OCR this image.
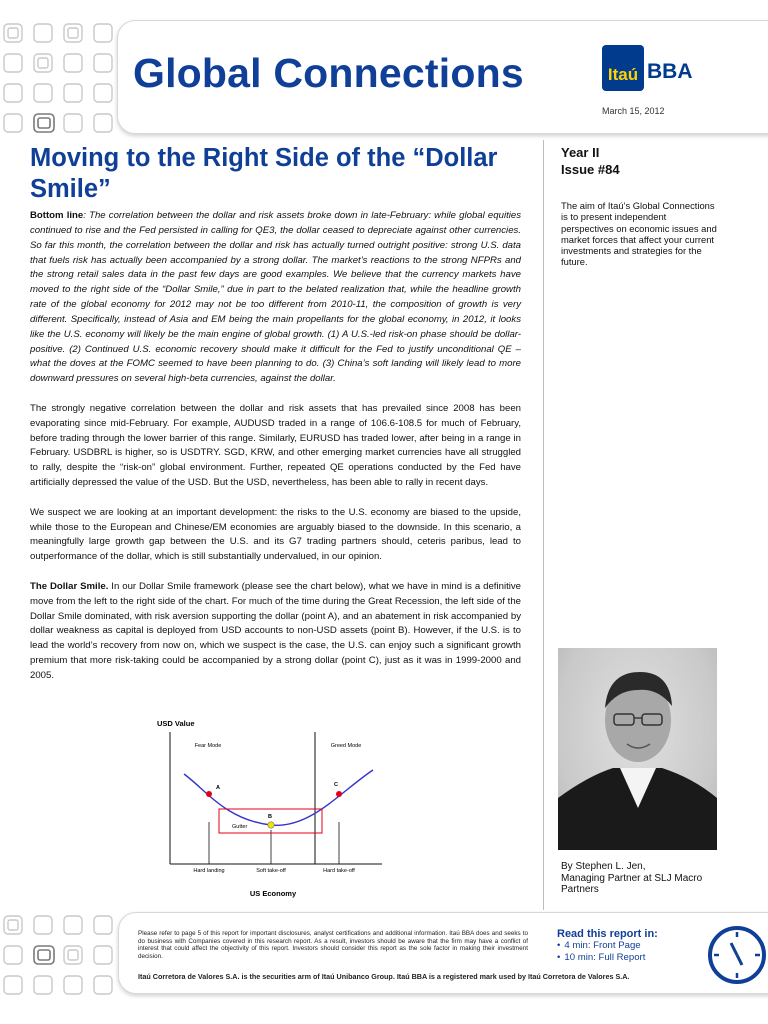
Global Connections	Itaú BBA
March 15, 2012
Moving to the Right Side of the “Dollar Smile”

Bottom line: The correlation between the dollar and risk assets broke down in late-February: while global equities continued to rise and the Fed persisted in calling for QE3, the dollar ceased to depreciate against other currencies. So far this month, the correlation between the dollar and risk has actually turned outright positive: strong U.S. data that fuels risk has actually been accompanied by a strong dollar. The market’s reactions to the strong NFPRs and the strong retail sales data in the past few days are good examples. We believe that the currency markets have moved to the right side of the “Dollar Smile,” due in part to the belated realization that, while the headline growth rate of the global economy for 2012 may not be too different from 2010-11, the composition of growth is very different. Specifically, instead of Asia and EM being the main propellants for the global economy, in 2012, it looks like the U.S. economy will likely be the main engine of global growth. (1) A U.S.-led risk-on phase should be dollar-positive. (2) Continued U.S. economic recovery should make it difficult for the Fed to justify unconditional QE – what the doves at the FOMC seemed to have been planning to do. (3) China’s soft landing will likely lead to more downward pressures on several high-beta currencies, against the dollar.

The strongly negative correlation between the dollar and risk assets that has prevailed since 2008 has been evaporating since mid-February. For example, AUDUSD traded in a range of 106.6-108.5 for much of February, before trading through the lower barrier of this range. Similarly, EURUSD has traded lower, after being in a range in February. USDBRL is higher, so is USDTRY. SGD, KRW, and other emerging market currencies have all struggled to rally, despite the “risk-on” global environment. Further, repeated QE operations conducted by the Fed have artificially depressed the value of the USD. But the USD, nevertheless, has been able to rally in recent days.

We suspect we are looking at an important development: the risks to the U.S. economy are biased to the upside, while those to the European and Chinese/EM economies are arguably biased to the downside. In this scenario, a meaningfully large growth gap between the U.S. and its G7 trading partners should, ceteris paribus, lead to outperformance of the dollar, which is still substantially undervalued, in our opinion.

The Dollar Smile. In our Dollar Smile framework (please see the chart below), what we have in mind is a definitive move from the left to the right side of the chart. For much of the time during the Great Recession, the left side of the Dollar Smile dominated, with risk aversion supporting the dollar (point A), and an abatement in risk accompanied by dollar weakness as capital is deployed from USD accounts to non-USD assets (point B). However, if the U.S. is to lead the world’s recovery from now on, which we suspect is the case, the U.S. can enjoy such a significant growth premium that more risk-taking could be accompanied by a strong dollar (point C), just as it was in 1999-2000 and 2005.

USD Value
Fear Mode	Greed Mode
Gutter
A
B
C
Hard landing	Soft take-off	Hard take-off
US Economy
Year II
Issue #84
The aim of Itaú’s Global Connections is to present independent perspectives on economic issues and market forces that affect your current investments and strategies for the future.
By Stephen L. Jen,
Managing Partner at SLJ Macro Partners
Please refer to page 5 of this report for important disclosures, analyst certifications and additional information. Itaú BBA does and seeks to do business with Companies covered in this research report. As a result, investors should be aware that the firm may have a conflict of interest that could affect the objectivity of this report. Investors should consider this report as the sole factor in making their investment decision.
Read this report in:
• 4 min: Front Page
• 10 min: Full Report
Itaú Corretora de Valores S.A. is the securities arm of Itaú Unibanco Group. Itaú BBA is a registered mark used by Itaú Corretora de Valores S.A.
